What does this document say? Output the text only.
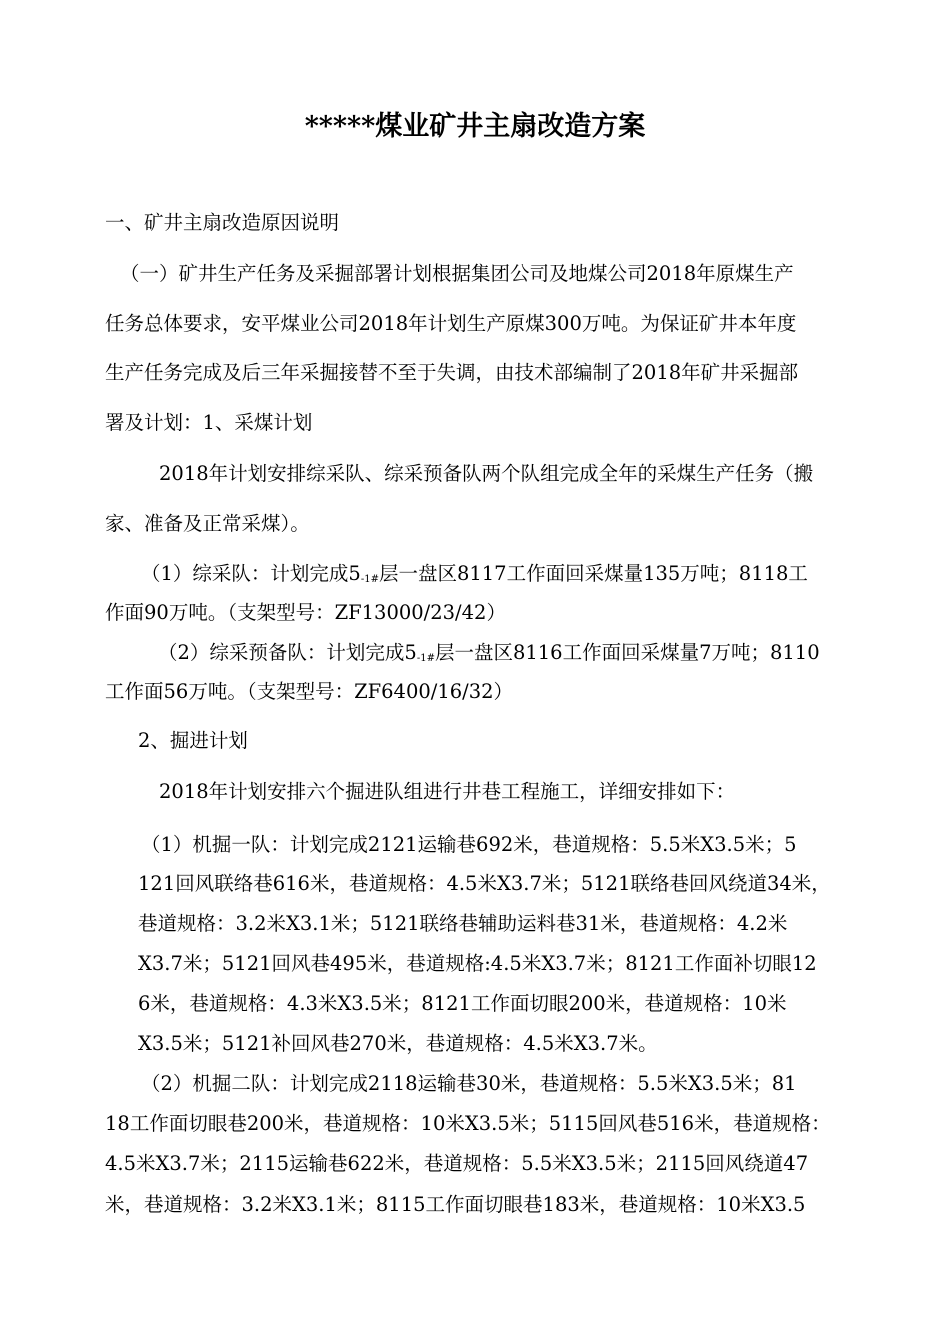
*****煤业矿井主扇改造方案
一、矿井主扇改造原因说明
（一）矿井生产任务及采掘部署计划根据集团公司及地煤公司2018年原煤生产
任务总体要求，安平煤业公司2018年计划生产原煤300万吨。为保证矿井本年度
生产任务完成及后三年采掘接替不至于失调，由技术部编制了2018年矿井采掘部
署及计划：1、采煤计划
2018年计划安排综采队、综采预备队两个队组完成全年的采煤生产任务（搬
家、准备及正常采煤）。
（1）综采队：计划完成$5_{-1\#}$层一盘区8117工作面回采煤量135万吨；8118工
作面90万吨。（支架型号：ZF13000/23/42）
（2）综采预备队：计划完成$5_{-1\#}$层一盘区8116工作面回采煤量7万吨；8110
工作面56万吨。（支架型号：ZF6400/16/32）
2、掘进计划
2018年计划安排六个掘进队组进行井巷工程施工，详细安排如下：
（1）机掘一队：计划完成2121运输巷692米，巷道规格：5.5米X3.5米；5
121回风联络巷616米，巷道规格：4.5米X3.7米；5121联络巷回风绕道34米，
巷道规格：3.2米X3.1米；5121联络巷辅助运料巷31米，巷道规格：4.2米
X3.7米；5121回风巷495米，巷道规格:4.5米X3.7米；8121工作面补切眼12
6米，巷道规格：4.3米X3.5米；8121工作面切眼200米，巷道规格：10米
X3.5米；5121补回风巷270米，巷道规格：4.5米X3.7米。
（2）机掘二队：计划完成2118运输巷30米，巷道规格：5.5米X3.5米；81
18工作面切眼巷200米，巷道规格：10米X3.5米；5115回风巷516米，巷道规格：
4.5米X3.7米；2115运输巷622米，巷道规格：5.5米X3.5米；2115回风绕道47
米，巷道规格：3.2米X3.1米；8115工作面切眼巷183米，巷道规格：10米X3.5
